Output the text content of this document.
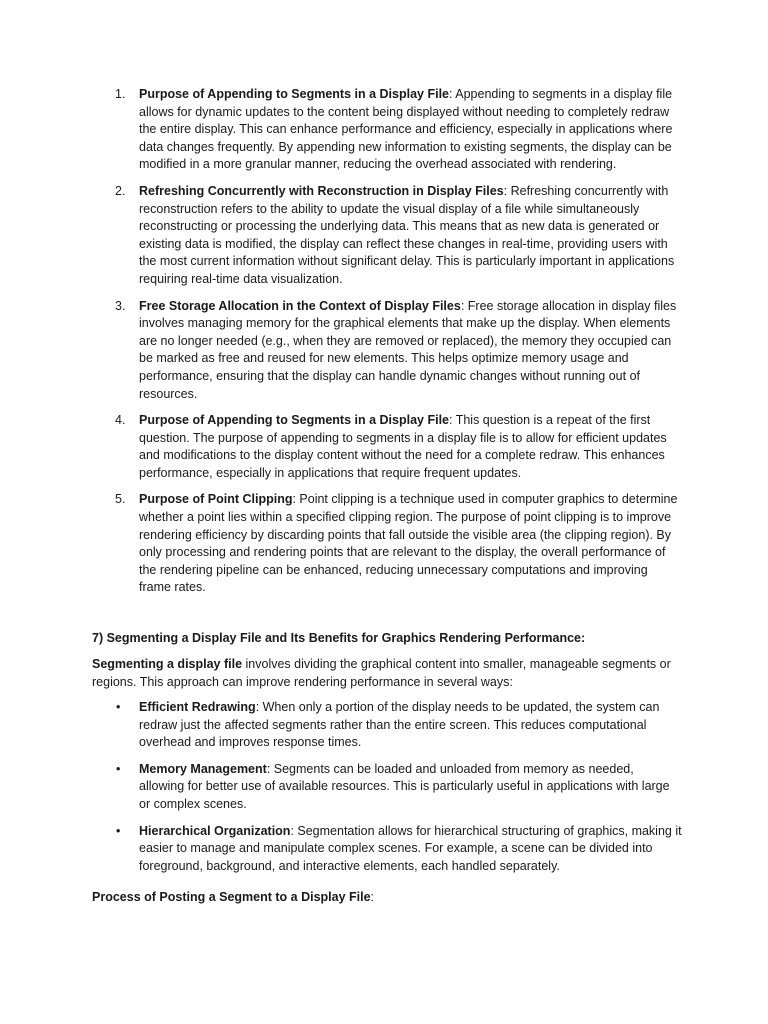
1. Purpose of Appending to Segments in a Display File: Appending to segments in a display file allows for dynamic updates to the content being displayed without needing to completely redraw the entire display. This can enhance performance and efficiency, especially in applications where data changes frequently. By appending new information to existing segments, the display can be modified in a more granular manner, reducing the overhead associated with rendering.
2. Refreshing Concurrently with Reconstruction in Display Files: Refreshing concurrently with reconstruction refers to the ability to update the visual display of a file while simultaneously reconstructing or processing the underlying data. This means that as new data is generated or existing data is modified, the display can reflect these changes in real-time, providing users with the most current information without significant delay. This is particularly important in applications requiring real-time data visualization.
3. Free Storage Allocation in the Context of Display Files: Free storage allocation in display files involves managing memory for the graphical elements that make up the display. When elements are no longer needed (e.g., when they are removed or replaced), the memory they occupied can be marked as free and reused for new elements. This helps optimize memory usage and performance, ensuring that the display can handle dynamic changes without running out of resources.
4. Purpose of Appending to Segments in a Display File: This question is a repeat of the first question. The purpose of appending to segments in a display file is to allow for efficient updates and modifications to the display content without the need for a complete redraw. This enhances performance, especially in applications that require frequent updates.
5. Purpose of Point Clipping: Point clipping is a technique used in computer graphics to determine whether a point lies within a specified clipping region. The purpose of point clipping is to improve rendering efficiency by discarding points that fall outside the visible area (the clipping region). By only processing and rendering points that are relevant to the display, the overall performance of the rendering pipeline can be enhanced, reducing unnecessary computations and improving frame rates.
7) Segmenting a Display File and Its Benefits for Graphics Rendering Performance:
Segmenting a display file involves dividing the graphical content into smaller, manageable segments or regions. This approach can improve rendering performance in several ways:
• Efficient Redrawing: When only a portion of the display needs to be updated, the system can redraw just the affected segments rather than the entire screen. This reduces computational overhead and improves response times.
• Memory Management: Segments can be loaded and unloaded from memory as needed, allowing for better use of available resources. This is particularly useful in applications with large or complex scenes.
• Hierarchical Organization: Segmentation allows for hierarchical structuring of graphics, making it easier to manage and manipulate complex scenes. For example, a scene can be divided into foreground, background, and interactive elements, each handled separately.
Process of Posting a Segment to a Display File:
